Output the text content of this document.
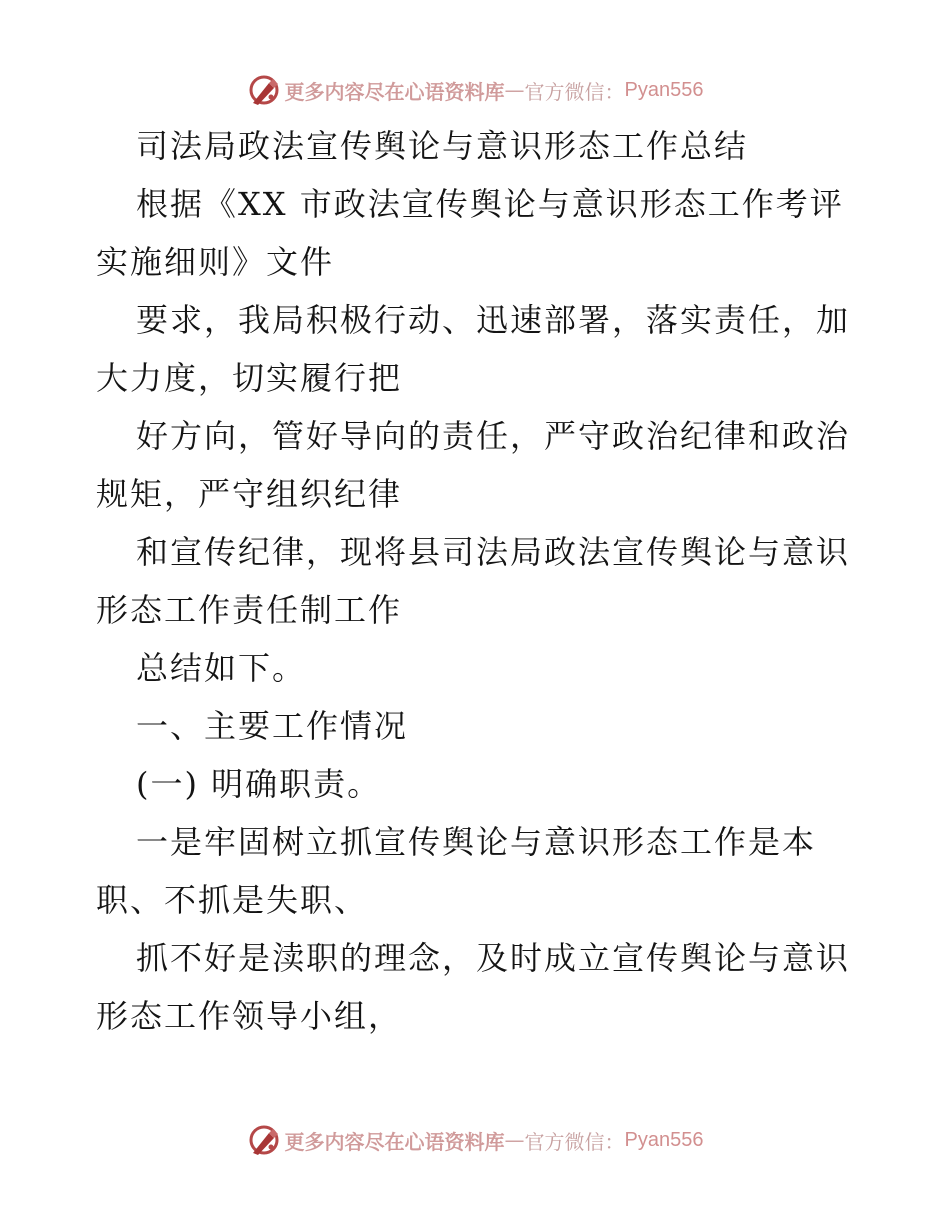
更多内容尽在心语资料库 — 官方微信： Pyan556
司法局政法宣传舆论与意识形态工作总结
根据《XX 市政法宣传舆论与意识形态工作考评
实施细则》文件
要求，我局积极行动、迅速部署，落实责任，加
大力度，切实履行把
好方向，管好导向的责任，严守政治纪律和政治
规矩，严守组织纪律
和宣传纪律，现将县司法局政法宣传舆论与意识
形态工作责任制工作
总结如下。
一、主要工作情况
(一) 明确职责。
一是牢固树立抓宣传舆论与意识形态工作是本
职、不抓是失职、
抓不好是渎职的理念，及时成立宣传舆论与意识
形态工作领导小组，
更多内容尽在心语资料库 — 官方微信： Pyan556
